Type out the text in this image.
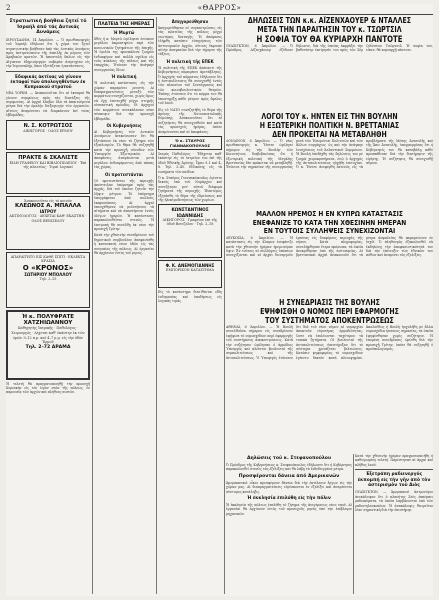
2	«ΘΑΡΡΟΣ»
Στρατιωτική βοήθεια ζητεί τό Ἰσραήλ ἀπό τάς Δυτικάς Δυνάμεις

ΙΕΡΟΥΣΑΛΗΜ, 14 Ἀπριλίου. — Ὁ πρωθυπουργός τοῦ Ἰσραήλ ἐδήλωσε ὅτι ἡ χώρα του ζητεῖ στρατιωτικὴν βοήθειαν ἀπὸ τὰς Δυτικὰς Δυνάμεις πρὸς ἀντιμετώπισιν τῆς ἀπειλῆς ἐκ μέρους τῶν Ἀραβικῶν κρατῶν. Ἡ ἀποστολὴ ὅπλων εἰς τὴν Αἴγυπτον ἐδημιούργησε σοβαρὰν ἀνησυχίαν εἰς τὴν Ἱερουσαλήμ, ὅπου ἐξετάζεται ἡ κατάστασις.

Ἐδαφικάς ἀκτίνας νά γίνουν ἐκταφαί τῶν ἀπολογηθέντων ἐκ Κυπριακοῦ στρατοῦ

ΝΕΑ ΥΟΡΚΗ. — Ἀνακοινοῦται ὅτι αἱ ἐκταφαὶ θὰ γίνουν συμφώνως πρὸς τὰς διατάξεις τῆς συμφωνίας. Αἱ ἀρχαὶ ἔλαβον ὅλα τὰ ἀπαιτούμενα μέτρα διὰ τὴν ὁμαλὴν διεξαγωγήν τῶν ἐργασιῶν, αἵτινες ἀναμένεται νὰ διαρκέσουν ἐπί τινας ἑβδομάδας.

Ν. Σ. ΚΟΤΡΩΤΣΟΣ
ΔΙΚΗΓΟΡΟΣ · ΟΔΟΣ ΕΡΜΟΥ
ΠΡΑΚΤΕ & ΣΚΑΛΙΣΤΕ
ΕΙΔΗ ΓΡΑΦΕΙΟΥ ΚΑΙ ΒΙΒΛΙΟΠΩΛΕΙΟΥ · Ἐπὶ τῆς πλατείας · Τιμαὶ λογικαί
Ἀνακοινοῦται εἰς τὸ κοινόν
ΚΛΕΩΝΟΣ Α. ΜΠΑΛΛΑ
ΙΑΤΡΟΥ
ΑΚΤΙΝΟΛΟΓΟΣ · ΔΕΧΕΤΑΙ ΚΑΘ' ΕΚΑΣΤΗΝ · ΟΔΟΣ ΒΕΝΙΖΕΛΟΥ
ΑΠΑΡΑΙΤΗΤΟ ΕΙΣ ΚΑΘΕ ΣΠΙΤΙ · ΕΚΛΕΚΤΑ ΚΡΑΣΙΑ
Ο «ΚΡΟΝΟΣ»
ΣΩΤΗΡΙΟΥ ΜΠΟΛΛΟΥ
Τηλ. 2–15
Ἡ κ. ΠΟΛΥΦΡΑΤΕ ΧΑΤΖΗΙΩΑΝΝΟΥ
Καθηγητὴς Ἰατρικῆς · Παθολόγος · Χειρουργός · Δέχεται καθ' ἑκάστην ἐκ τῶν ὡρῶν 9–12 π.μ. καὶ 4–7 μ.μ. εἰς τὴν ὁδὸν Ἑρμοῦ
Τηλ. 2–72 ΔΡΑΜΑ

Ἡ τελετὴ θὰ πραγματοποιηθῇ τὴν προσεχῆ Κυριακὴν εἰς τὸν ἱερὸν ναὸν τῆς πόλεως, ἐν παρουσίᾳ τῶν ἀρχῶν καὶ πλήθους πιστῶν.

ΠΛΑΤΕΙΑ ΤΗΣ ΗΜΕΡΑΣ
Ἡ Μυρτώ

Χθὲς ἡ κ. Μυρτὼ ὡμίλησεν ἐνώπιον μεγάλου ἀκροατηρίου περὶ τῶν κοινωνικῶν ζητημάτων τῆς ἐποχῆς. Ἡ ὁμιλία της προεκάλεσε ζωηρὸν ἐνδιαφέρον καὶ πολλὰ σχόλια εἰς τοὺς κύκλους τῆς πόλεως καὶ τῆς ἐπαρχίας. Ἐτόνισε τὴν ἀνάγκην συνεργασίας ὅλων.

Ἡ πολιτική

Ἡ πολιτικὴ κατάστασις εἰς τὴν χώραν παραμένει ρευστή. Αἱ διαπραγματεύσεις μεταξὺ τῶν κομμάτων συνεχίζονται, χωρὶς ὅμως νὰ ἔχῃ ἐπιτευχθῆ μέχρι στιγμῆς οὐσιαστικὴ πρόοδος. Οἱ ἀρχηγοὶ τῶν κομμάτων συνεκάλεσαν νέαν σύσκεψιν διὰ τὴν προσεχῆ ἑβδομάδα.

Οἱ Κυβερνήσεις

Αἱ Κυβερνήσεις τῶν Δυτικῶν Δυνάμεων ἀνεκοίνωσαν ὅτι θὰ ἐξετάσουν ἐκ νέου τὸ ζήτημα τῶν ἐξοπλισμῶν. Τὸ θέμα θὰ συζητηθῇ κατὰ τὴν προσεχῆ σύνοδον τῶν Ὑπουργῶν Ἐξωτερικῶν. Αἱ ἀποφάσεις ἀναμένονται μετὰ μεγάλου ἐνδιαφέροντος ἀπὸ πάσας τὰς χώρας.

Οἱ προτεστάνται

Οἱ προτεστάνται τῆς περιοχῆς ἀπέστειλαν ὑπόμνημα πρὸς τὰς ἀρχάς, διὰ τοῦ ὁποίου ζητοῦν τὴν λῆψιν μέτρων. Τὸ ὑπόμνημα ὑπογράφεται ἀπὸ πολλοὺς ἐκπροσώπους. Αἱ ἀρχαὶ ὑπεσχέθησαν νὰ μελετήσουν τὰ αἰτήματα καὶ νὰ ἀπαντήσουν ἐντὸς ὀλίγων ἡμερῶν. Ἡ κατάστασις παρακολουθεῖται στενῶς. Ἡ ἐπιτροπὴ θὰ συνέλθῃ ἐκ νέου τὴν προσεχῆ Τρίτην.

Κατὰ τὴν χθεσινὴν συνεδρίασιν τοῦ δημοτικοῦ συμβουλίου ἀπεφασίσθη ἡ κατασκευὴ νέων ὁδῶν εἰς τὰς συνοικίας τῆς πόλεως. Αἱ ἐργασίαι θὰ ἀρχίσουν ἐντὸς τοῦ μηνός.

Ἀπηγορεύθησαν

Ἀπηγορεύθησαν αἱ συγκεντρώσεις εἰς τὰς πλατείας τῆς πόλεως μέχρι νεωτέρας διαταγῆς. Ἡ ἀπόφασις ἐλήφθη κατόπιν εἰσηγήσεως τῶν ἀστυνομικῶν ἀρχῶν, αἵτινες ἔκριναν αὐτὴν ἀναγκαίαν διὰ τὴν τήρησιν τῆς τάξεως.

Ἡ πολιτική τῆς ΕΠΕΚ

Ἡ πολιτικὴ τῆς ΕΠΕΚ ἀπέναντι τῆς Κυβερνήσεως παραμένει ἀμετάβλητος. Ὁ ἀρχηγὸς τοῦ κόμματος ἐδήλωσεν ὅτι ἡ ἀντιπολίτευσις θὰ συνεχισθῇ ἐντὸς τῶν πλαισίων τοῦ Συντάγματος καὶ τῶν κοινοβουλευτικῶν θεσμῶν. Ἐπίσης ἐτόνισεν ὅτι τὸ κόμμα του θὰ ὑποστηρίξῃ κάθε μέτρον πρὸς ὄφελος τοῦ λαοῦ.

Εἰς τὸ ΝΑΤΟ συνεζητήθη τὸ θέμα τῆς ἀμύνης τῆς Νοτιοανατολικῆς Εὐρώπης. Ἀνακοινοῦται ὅτι αἱ συζητήσεις θὰ συνεχισθοῦν καὶ κατὰ τὰς προσεχεῖς ἡμέρας, ὁπότε ἀναμένονται καὶ αἱ ἀποφάσεις.

Ὁ κ. ΣΤΑΥΡΟΣ ΓΙΑΝΝΑΚΟΠΟΥΛΟΣ

Ἰατρὸς Παθολόγος · Ἐδέχεται καθ' ἑκάστην εἰς τὸ ἰατρεῖον του ἐπὶ τῆς ὁδοῦ Ἐθνικῆς Ἀμύνης. Ὧραι 9–1 καὶ 4–8. Τηλ. 3–40. Εἰδικότης εἰς τὰ νοσήματα τῶν παίδων.

Ὁ κ. Σταῦρος Γιαννακόπουλος ἐγένετο δεκτὸς ὑπὸ τοῦ Νομάρχου καὶ συνεζήτησε μετ' αὐτοῦ διάφορα ζητήματα τῆς περιοχῆς. Ἰδιαιτέρως ἐξητάσθη τὸ θέμα τῆς ὑδρεύσεως καὶ τῆς ἠλεκτροδοτήσεως τῶν χωρίων.

ΚΩΝΣΤΑΝΤΙΝΟΣ ΙΩΑΝΝΙΔΗΣ
ΔΙΚΗΓΟΡΟΣ · Γραφεῖον ἐπὶ τῆς ὁδοῦ Βενιζέλου · Τηλ. 2–18
Φ. Κ. ΑΝΕΜΟΓΙΑΝΝΗΣ
ΕΜΠΟΡΙΚΟΝ ΚΑΤΑΣΤΗΜΑ

Εἰς τὸ κατάστημα διατίθενται εἴδη ἐνδυμασίας καὶ ὑποδήσεως εἰς λογικὰς τιμάς.

ΔΗΛΩΣΕΙΣ ΤΩΝ κ.κ. ΑΪΖΕΝΧΑΟΥΕΡ & ΝΤΑΛΛΕΣ
ΜΕΤΑ ΤΗΝ ΠΑΡΑΙΤΗΣΙΝ ΤΟΥ κ. ΤΣΩΡΤΣΙΛ
Η ΣΟΦΙΑ ΤΟΥ ΘΑ ΚΥΡΙΑΡΧΗ ΠΑΝΤΟΤΕ

ΟΥΑΣΙΓΚΤΩΝ, 6 Ἀπριλίου. — Ὁ Πρόεδρος Αἰζενχάουερ ἐξέδωσε δήλωσιν, διὰ τῆς ὁποίας ἐκφράζει τὴν βαθυτάτην ἐκτίμησίν του πρὸς τὸν Σὲρ Οὐΐνστων Τσῶρτσιλ. Ἡ σοφία του, εἶπεν, θὰ κυριαρχῇ πάντοτε.

ΛΟΓΟΙ ΤΟΥ κ. ΗΝΤΕΝ ΕΙΣ ΤΗΝ ΒΟΥΛΗΝ
Η ΕΞΩΤΕΡΙΚΗ ΠΟΛΙΤΙΚΗ Ν. ΒΡΕΤΤΑΝΙΑΣ
ΔΕΝ ΠΡΟΚΕΙΤΑΙ ΝΑ ΜΕΤΑΒΛΗΘΗ

ΛΟΝΔΙΝΟΝ, 6 Ἀπριλίου. — Ὁ νέος πρωθυπουργὸς κ. Ἤντεν ὡμίλησε σήμερον εἰς τὴν Βουλὴν τῶν Κοινοτήτων, διαβεβαιώσας ὅτι ἡ ἐξωτερικὴ πολιτικὴ τῆς Μεγάλης Βρεττανίας δὲν πρόκειται νὰ μεταβληθῇ. Ἐτόνισε τὴν σημασίαν τῆς συνεργασίας μετὰ τῶν Ἡνωμένων Πολιτειῶν καὶ τῶν ἄλλων συμμάχων, ὡς καὶ τὴν ἀνάγκην ἐνισχύσεως τοῦ Ἀτλαντικοῦ Συμφώνου. Ἡ Βουλὴ ὑπεδέχθη τὰς δηλώσεις του μὲ ζωηρὰ χειροκροτήματα, ἐνῷ ὁ ἀρχηγὸς τῆς ἀντιπολιτεύσεως ηὐχήθη ἐπιτυχίαν. Ὁ κ. Ἤντεν ἀνεφέρθη ἐκτενῶς εἰς τὰ προβλήματα τῆς Μέσης Ἀνατολῆς καὶ τῆς Ἄπω Ἀνατολῆς, ὑπογραμμίσας ὅτι ἡ Κυβέρνησίς του θὰ καταβάλῃ κάθε προσπάθειαν διὰ τὴν διατήρησιν τῆς εἰρήνης. Ἡ συζήτησις θὰ συνεχισθῇ αὔριον.

ΜΑΛΛΟΝ ΗΡΕΜΟΣ Η ΕΝ ΚΥΠΡΩ ΚΑΤΑΣΤΑΣΙΣ
ΕΝΕΦΑΝΙΖΕ ΤΟ ΚΑΤΑ ΤΗΝ ΧΘΕΣΙΝΗΝ ΗΜΕΡΑΝ
ΕΝ ΤΟΥΤΟΙΣ ΣΥΛΛΗΨΕΙΣ ΣΥΝΕΧΙΖΟΝΤΑΙ

ΛΕΥΚΩΣΙΑ, 6 Ἀπριλίου. — Ἡ κατάστασις εἰς τὴν Κύπρον ἐνεφάνιζε κατὰ τὴν χθεσινὴν ἡμέραν ἠρεμωτέραν ὄψιν. Ἐν τούτοις αἱ συλλήψεις ὑπόπτων συνεχίζονται καὶ αἱ ἀρχαὶ διενεργοῦν ἐρεύνας εἰς διαφόρους περιοχὰς τῆς νήσου. Κατὰ πληροφορίας, συνελήφθησαν ἕτερα πρόσωπα, τὰ ὁποῖα ἀνεκρίθησαν ὑπὸ τῆς ἀστυνομίας. Αἱ βρεττανικαὶ ἀρχαὶ ἀνακοινοῦν ὅτι τὰ μέτρα ἀσφαλείας θὰ παραμείνουν ἐν ἰσχύϊ. Ὁ πληθυσμὸς ἐξακολουθεῖ νὰ ἐκδηλώνῃ τὴν ἀποφασιστικότητά του διὰ τὴν ἐπίτευξιν τῶν ἐθνικῶν του πόθων καὶ ἀναμένει τὰς ἐξελίξεις.

Η ΣΥΝΕΔΡΙΑΣΙΣ ΤΗΣ ΒΟΥΛΗΣ
ΕΨΗΦΙΣΘΗ Ο ΝΟΜΟΣ ΠΕΡΙ ΕΦΑΡΜΟΓΗΣ
ΤΟΥ ΣΥΣΤΗΜΑΤΟΣ ΑΠΟΚΕΝΤΡΩΣΕΩΣ

ΑΘΗΝΑΙ, 6 Ἀπριλίου. — Ἡ Βουλὴ συνελθοῦσα σήμερον εἰς συνεδρίασιν ἐψήφισε τὸ νομοσχέδιον περὶ ἐφαρμογῆς τοῦ συστήματος ἀποκεντρώσεως. Κατὰ τὴν συζήτησιν ὡμίλησαν ὁ ἁρμόδιος Ὑπουργὸς καὶ πλεῖστοι βουλευταὶ τῆς συμπολιτεύσεως καὶ τῆς ἀντιπολιτεύσεως. Ὁ Ὑπουργὸς ἐτόνισεν ὅτι διὰ τοῦ νέου νόμου αἱ νομαρχίαι ἀποκτοῦν εὐρυτέρας ἁρμοδιότητας, ὥστε νὰ ἐπιλύωνται ταχύτερον τὰ τοπικὰ ζητήματα. Οἱ βουλευταὶ τῆς ἀντιπολιτεύσεως ὑπεστήριξαν ὅτι τὸ σύστημα χρειάζεται βελτιώσεις. Κατόπιν ψηφοφορίας τὸ νομοσχέδιον ἐγένετο δεκτὸν κατὰ πλειοψηφίαν. Ἀκολούθως ἡ Βουλὴ ἠσχολήθη μὲ ἄλλα νομοσχέδια ἠσσονος σημασίας, τὰ ὁποῖα ἐψηφίσθησαν χωρὶς συζήτησιν. Ἡ ἑπομένη συνεδρίασις ὡρίσθη διὰ τὴν προσεχῆ Τρίτην, ὁπότε θὰ συζητηθῇ ὁ προϋπολογισμός.

Δηλώσεις τοῦ κ. Στεφανοπούλου

Ὁ Πρόεδρος τῆς Κυβερνήσεως κ. Στεφανόπουλος ἐδήλωσεν ὅτι ἡ Κυβέρνησις παρακολουθεῖ στενῶς τὰς ἐξελίξεις καὶ θὰ λάβῃ τὰ ἐνδεδειγμένα μέτρα.

Προσφέρονται δάνεια ἀπό Ἀμερικανῶν

Ἀμερικανικοὶ οἶκοι προσφέρουν δάνεια διὰ τὴν ἐκτέλεσιν ἔργων εἰς τὴν χώραν μας. Αἱ διαπραγματεύσεις εὑρίσκονται ἐν ἐξελίξει καὶ ἀναμένεται σύντομος κατάληξις.

Ἡ ἐκκλησία ἐπιλύθη εἰς τὴν πόλιν

Ἡ ἐκκλησία τῆς πόλεως ἐπελύθη τὸ ζήτημα τῆς ἀνεγέρσεως νέου ναοῦ. Αἱ ἐργασίαι θὰ ἀρχίσουν ἐντὸς τοῦ προσεχοῦς μηνὸς ὑπὸ τὴν ἐπίβλεψιν μηχανικῶν.

Κατὰ τὴν χθεσινὴν ἡμέραν πραγματοποιήθη ἡ καθιερωμένη τελετή. Παρέστησαν αἱ ἀρχαὶ καὶ πλῆθος λαοῦ.

Ἐξετράπη ραδιενεργός ἐκπομπή εἰς τὴν γῆν ἀπὸ τὸν ἀστερισμὸν τοῦ Διὸς

ΟΥΑΣΙΓΚΤΩΝ. — Ἀμερικανοὶ ἀστρονόμοι ἀνεκάλυψαν ὅτι ὁ πλανήτης Ζεὺς ἐκπέμπει ραδιοκύματα, τὰ ὁποῖα λαμβάνονται ὑπὸ τῶν ραδιοτηλεσκοπίων. Ἡ ἀνακάλυψις θεωρεῖται λίαν σημαντικὴ διὰ τὴν ἐπιστήμην.
